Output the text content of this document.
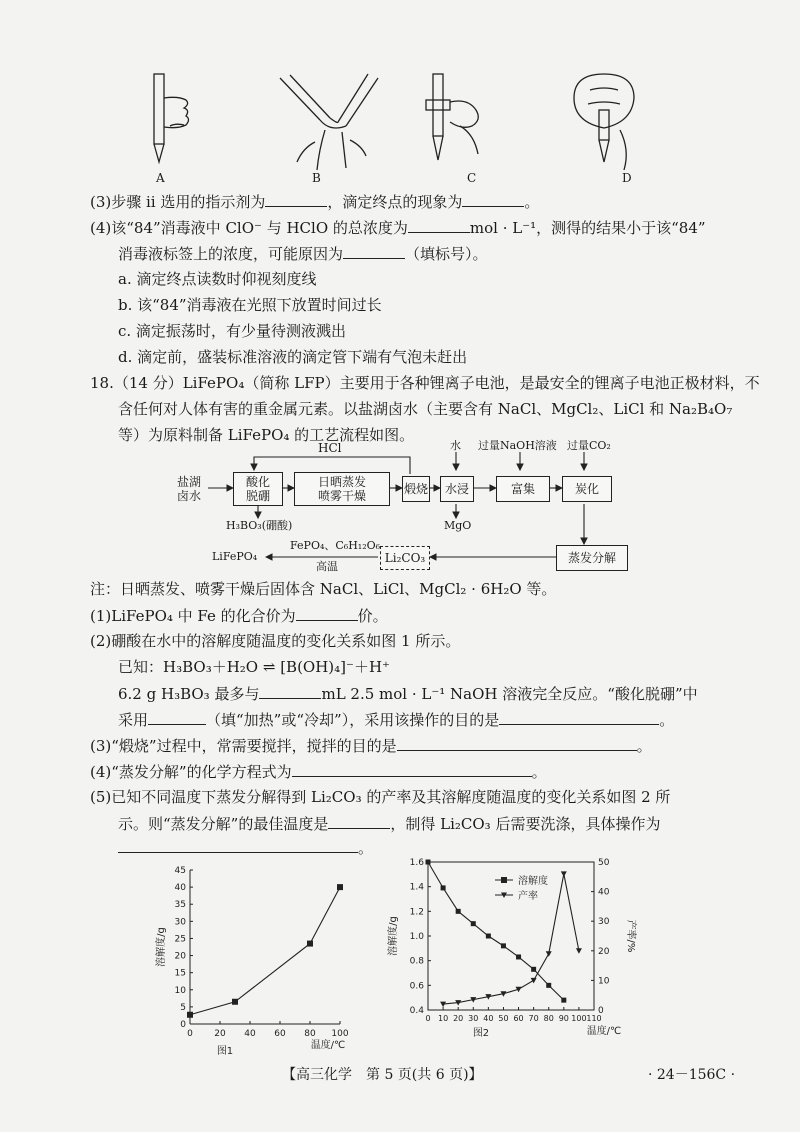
A	B	C	D
(3)步骤 ⅱ 选用的指示剂为	，滴定终点的现象为	。
(4)该“84”消毒液中 ClO⁻ 与 HClO 的总浓度为	mol · L⁻¹，测得的结果小于该“84”
消毒液标签上的浓度，可能原因为	（填标号）。
a. 滴定终点读数时仰视刻度线
b. 该“84”消毒液在光照下放置时间过长
c. 滴定振荡时，有少量待测液溅出
d. 滴定前，盛装标准溶液的滴定管下端有气泡未赶出
18.（14 分）LiFePO₄（简称 LFP）主要用于各种锂离子电池，是最安全的锂离子电池正极材料，不
含任何对人体有害的重金属元素。以盐湖卤水（主要含有 NaCl、MgCl₂、LiCl 和 Na₂B₄O₇
等）为原料制备 LiFePO₄ 的工艺流程如图。
盐湖
卤水
HCl
酸化
脱硼
日晒蒸发
喷雾干燥	煅烧	水浸	富集	炭化
蒸发分解
Li₂CO₃
LiFePO₄
FePO₄、C₆H₁₂O₆
高温
H₃BO₃(硼酸)	MgO
水 过量NaOH溶液 过量CO₂
注：日晒蒸发、喷雾干燥后固体含 NaCl、LiCl、MgCl₂ · 6H₂O 等。
(1)LiFePO₄ 中 Fe 的化合价为	价。
(2)硼酸在水中的溶解度随温度的变化关系如图 1 所示。
已知：H₃BO₃＋H₂O ⇌ [B(OH)₄]⁻＋H⁺
6.2 g H₃BO₃ 最多与	mL 2.5 mol · L⁻¹ NaOH 溶液完全反应。“酸化脱硼”中
采用	（填“加热”或“冷却”），采用该操作的目的是	。
(3)“煅烧”过程中，常需要搅拌，搅拌的目的是	。
(4)“蒸发分解”的化学方程式为	。
(5)已知不同温度下蒸发分解得到 Li₂CO₃ 的产率及其溶解度随温度的变化关系如图 2 所
示。则“蒸发分解”的最佳温度是	，制得 Li₂CO₃ 后需要洗涤，具体操作为
。
0
5
10
15
20
25
30
35
40
45
0 20 40 60 80 100
溶解度/g
温度/℃
图1
0.4
0.6
0.8
1.0
1.2
1.4
1.6
0
10
20
30
40
50
0 10 20 30 40 50 60 70 80 90 100 110
溶解度
产率
溶解度/g	产率/%
温度/℃
图2
【高三化学　第 5 页(共 6 页)】	· 24－156C ·
